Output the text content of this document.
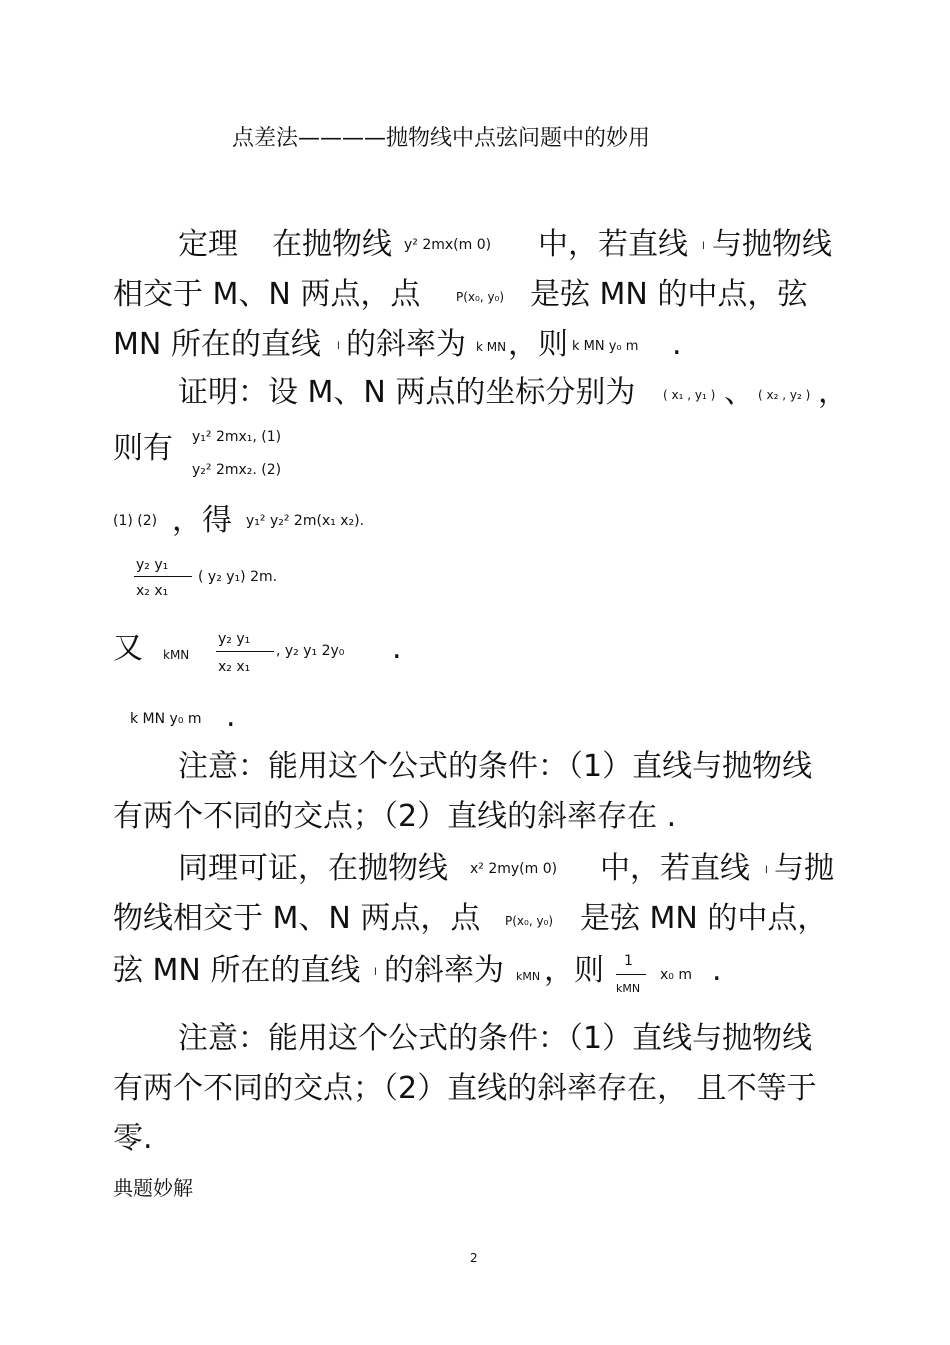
点差法————抛物线中点弦问题中的妙用
定理 在抛物线 y² 2mx(m 0) 中，若直线 l 与抛物线
相交于 M、N 两点，点	P(x₀, y₀) 是弦 MN 的中点，弦
MN 所在的直线 l 的斜率为 k MN ，则 k MN y₀ m .
证明：设 M、N 两点的坐标分别为 ( x₁ , y₁ ) 、 ( x₂ , y₂ ) ，
则有 y₁² 2mx₁, (1)
y₂² 2mx₂. (2)
(1) (2) ，得 y₁² y₂² 2m(x₁ x₂).
y₂ y₁
x₂ x₁
( y₂ y₁) 2m.
又 kMN
y₂ y₁
x₂ x₁
, y₂ y₁ 2y₀ .
k MN y₀ m .
注意：能用这个公式的条件：（1）直线与抛物线
有两个不同的交点；（2）直线的斜率存在 .
同理可证，在抛物线 x² 2my(m 0) 中，若直线 l 与抛
物线相交于 M、N 两点，点 P(x₀, y₀) 是弦 MN 的中点，
弦 MN 所在的直线 l 的斜率为 kMN ，则 1
kMN
x₀ m .
注意：能用这个公式的条件：（1）直线与抛物线
有两个不同的交点；（2）直线的斜率存在， 且不等于
零.
典题妙解
2
